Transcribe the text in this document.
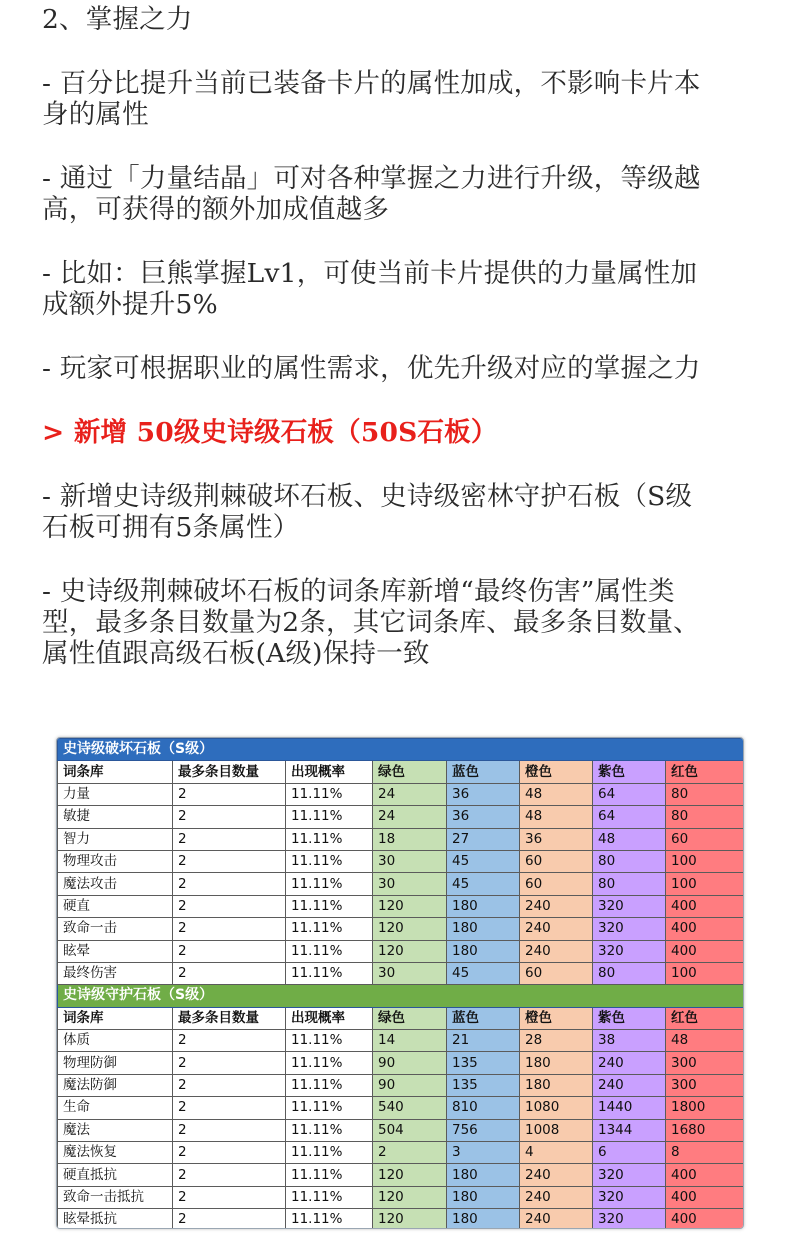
2、掌握之力

- 百分比提升当前已装备卡片的属性加成，不影响卡片本

身的属性

- 通过「力量结晶」可对各种掌握之力进行升级，等级越

高，可获得的额外加成值越多

- 比如：巨熊掌握Lv1，可使当前卡片提供的力量属性加

成额外提升5%

- 玩家可根据职业的属性需求，优先升级对应的掌握之力

> 新增 50级史诗级石板（50S石板）

- 新增史诗级荆棘破坏石板、史诗级密林守护石板（S级

石板可拥有5条属性）

- 史诗级荆棘破坏石板的词条库新增“最终伤害”属性类

型，最多条目数量为2条，其它词条库、最多条目数量、

属性值跟高级石板(A级)保持一致

史诗级破坏石板（S级）							
词条库	最多条目数量	出现概率	绿色	蓝色	橙色	紫色	红色
力量	2	11.11%	24	36	48	64	80
敏捷	2	11.11%	24	36	48	64	80
智力	2	11.11%	18	27	36	48	60
物理攻击	2	11.11%	30	45	60	80	100
魔法攻击	2	11.11%	30	45	60	80	100
硬直	2	11.11%	120	180	240	320	400
致命一击	2	11.11%	120	180	240	320	400
眩晕	2	11.11%	120	180	240	320	400
最终伤害	2	11.11%	30	45	60	80	100
史诗级守护石板（S级）							
词条库	最多条目数量	出现概率	绿色	蓝色	橙色	紫色	红色
体质	2	11.11%	14	21	28	38	48
物理防御	2	11.11%	90	135	180	240	300
魔法防御	2	11.11%	90	135	180	240	300
生命	2	11.11%	540	810	1080	1440	1800
魔法	2	11.11%	504	756	1008	1344	1680
魔法恢复	2	11.11%	2	3	4	6	8
硬直抵抗	2	11.11%	120	180	240	320	400
致命一击抵抗	2	11.11%	120	180	240	320	400
眩晕抵抗	2	11.11%	120	180	240	320	400
